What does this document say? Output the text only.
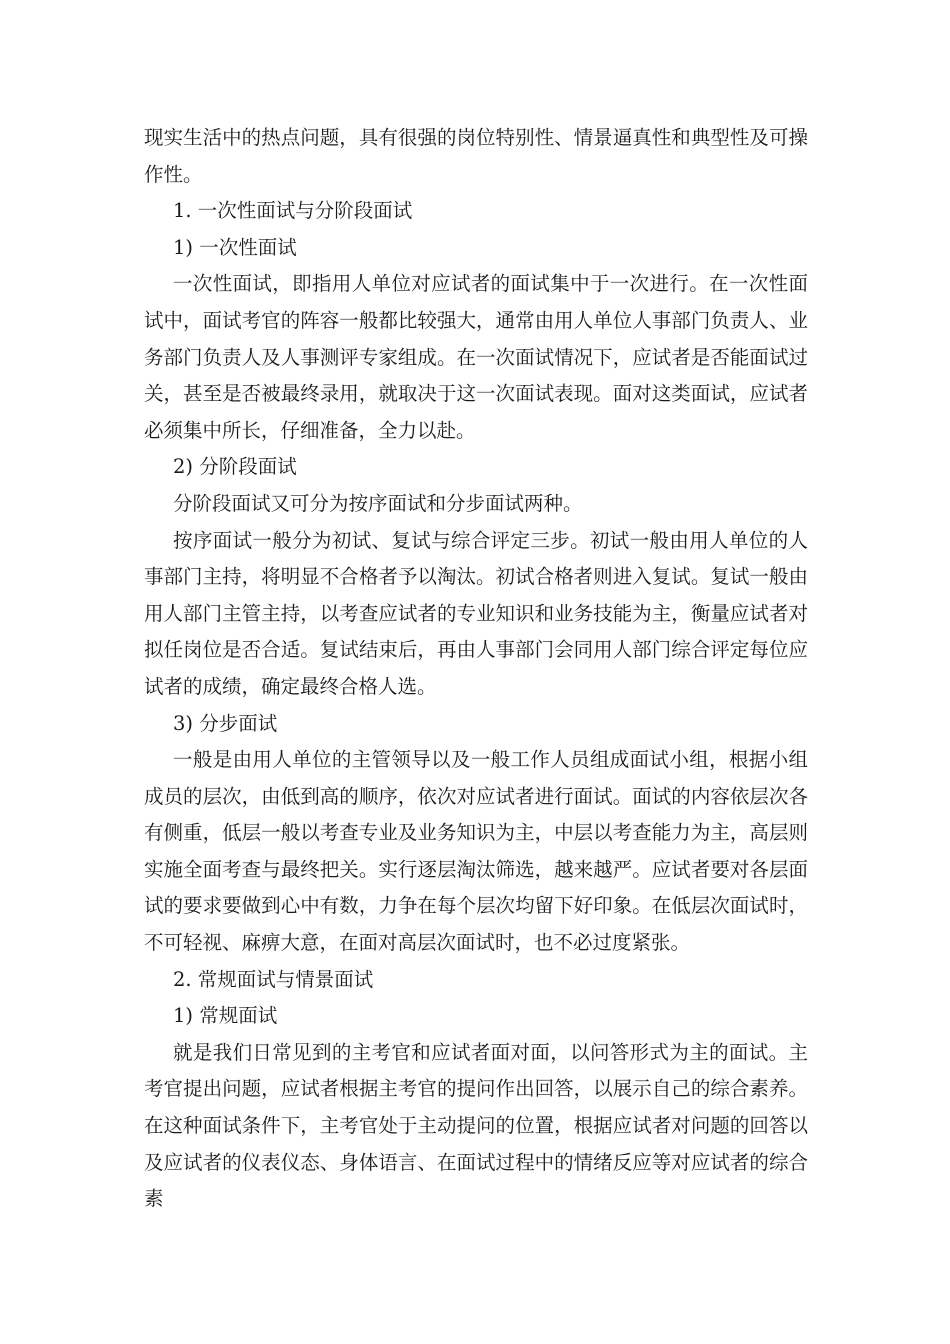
现实生活中的热点问题，具有很强的岗位特别性、情景逼真性和典型性及可操作性。

1. 一次性面试与分阶段面试

1) 一次性面试

一次性面试，即指用人单位对应试者的面试集中于一次进行。在一次性面试中，面试考官的阵容一般都比较强大，通常由用人单位人事部门负责人、业务部门负责人及人事测评专家组成。在一次面试情况下，应试者是否能面试过关，甚至是否被最终录用，就取决于这一次面试表现。面对这类面试，应试者必须集中所长，仔细准备，全力以赴。

2) 分阶段面试

分阶段面试又可分为按序面试和分步面试两种。

按序面试一般分为初试、复试与综合评定三步。初试一般由用人单位的人事部门主持，将明显不合格者予以淘汰。初试合格者则进入复试。复试一般由用人部门主管主持，以考查应试者的专业知识和业务技能为主，衡量应试者对拟任岗位是否合适。复试结束后，再由人事部门会同用人部门综合评定每位应试者的成绩，确定最终合格人选。

3) 分步面试

一般是由用人单位的主管领导以及一般工作人员组成面试小组，根据小组成员的层次，由低到高的顺序，依次对应试者进行面试。面试的内容依层次各有侧重，低层一般以考查专业及业务知识为主，中层以考查能力为主，高层则实施全面考查与最终把关。实行逐层淘汰筛选，越来越严。应试者要对各层面试的要求要做到心中有数，力争在每个层次均留下好印象。在低层次面试时，不可轻视、麻痹大意，在面对高层次面试时，也不必过度紧张。

2. 常规面试与情景面试

1) 常规面试

就是我们日常见到的主考官和应试者面对面，以问答形式为主的面试。主考官提出问题，应试者根据主考官的提问作出回答，以展示自己的综合素养。在这种面试条件下，主考官处于主动提问的位置，根据应试者对问题的回答以及应试者的仪表仪态、身体语言、在面试过程中的情绪反应等对应试者的综合素
